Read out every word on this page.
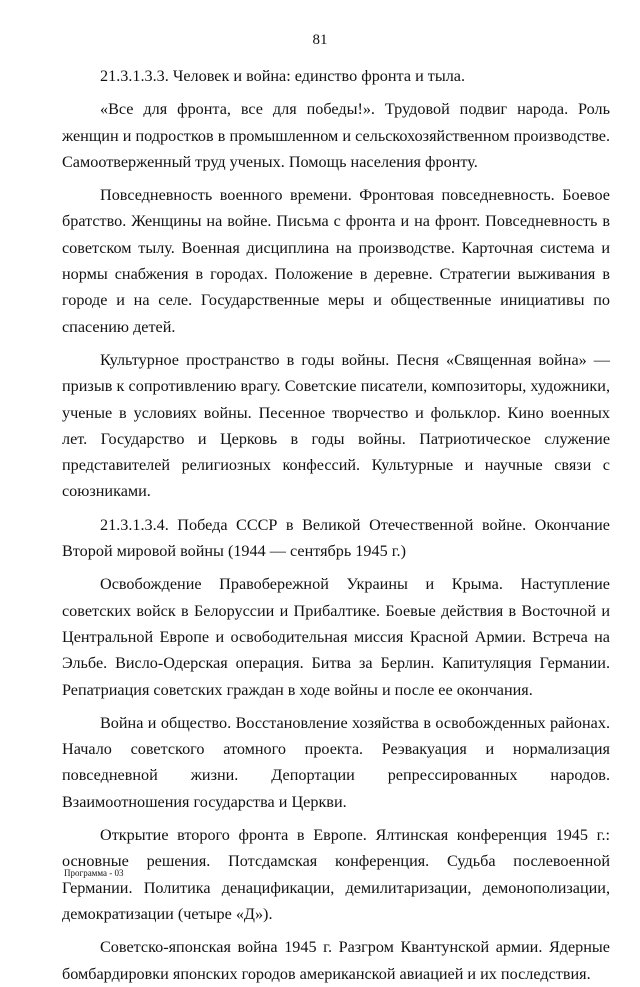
81

21.3.1.3.3. Человек и война: единство фронта и тыла.

«Все для фронта, все для победы!». Трудовой подвиг народа. Роль женщин и подростков в промышленном и сельскохозяйственном производстве. Самоотверженный труд ученых. Помощь населения фронту.

Повседневность военного времени. Фронтовая повседневность. Боевое братство. Женщины на войне. Письма с фронта и на фронт. Повседневность в советском тылу. Военная дисциплина на производстве. Карточная система и нормы снабжения в городах. Положение в деревне. Стратегии выживания в городе и на селе. Государственные меры и общественные инициативы по спасению детей.

Культурное пространство в годы войны. Песня «Священная война» — призыв к сопротивлению врагу. Советские писатели, композиторы, художники, ученые в условиях войны. Песенное творчество и фольклор. Кино военных лет. Государство и Церковь в годы войны. Патриотическое служение представителей религиозных конфессий. Культурные и научные связи с союзниками.

21.3.1.3.4. Победа СССР в Великой Отечественной войне. Окончание Второй мировой войны (1944 — сентябрь 1945 г.)

Освобождение Правобережной Украины и Крыма. Наступление советских войск в Белоруссии и Прибалтике. Боевые действия в Восточной и Центральной Европе и освободительная миссия Красной Армии. Встреча на Эльбе. Висло-Одерская операция. Битва за Берлин. Капитуляция Германии. Репатриация советских граждан в ходе войны и после ее окончания.

Война и общество. Восстановление хозяйства в освобожденных районах. Начало советского атомного проекта. Реэвакуация и нормализация повседневной жизни. Депортации репрессированных народов. Взаимоотношения государства и Церкви.

Открытие второго фронта в Европе. Ялтинская конференция 1945 г.: основные решения. Потсдамская конференция. Судьба послевоенной Германии. Политика денацификации, демилитаризации, демонополизации, демократизации (четыре «Д»).

Советско-японская война 1945 г. Разгром Квантунской армии. Ядерные бомбардировки японских городов американской авиацией и их последствия.

Программа - 03
